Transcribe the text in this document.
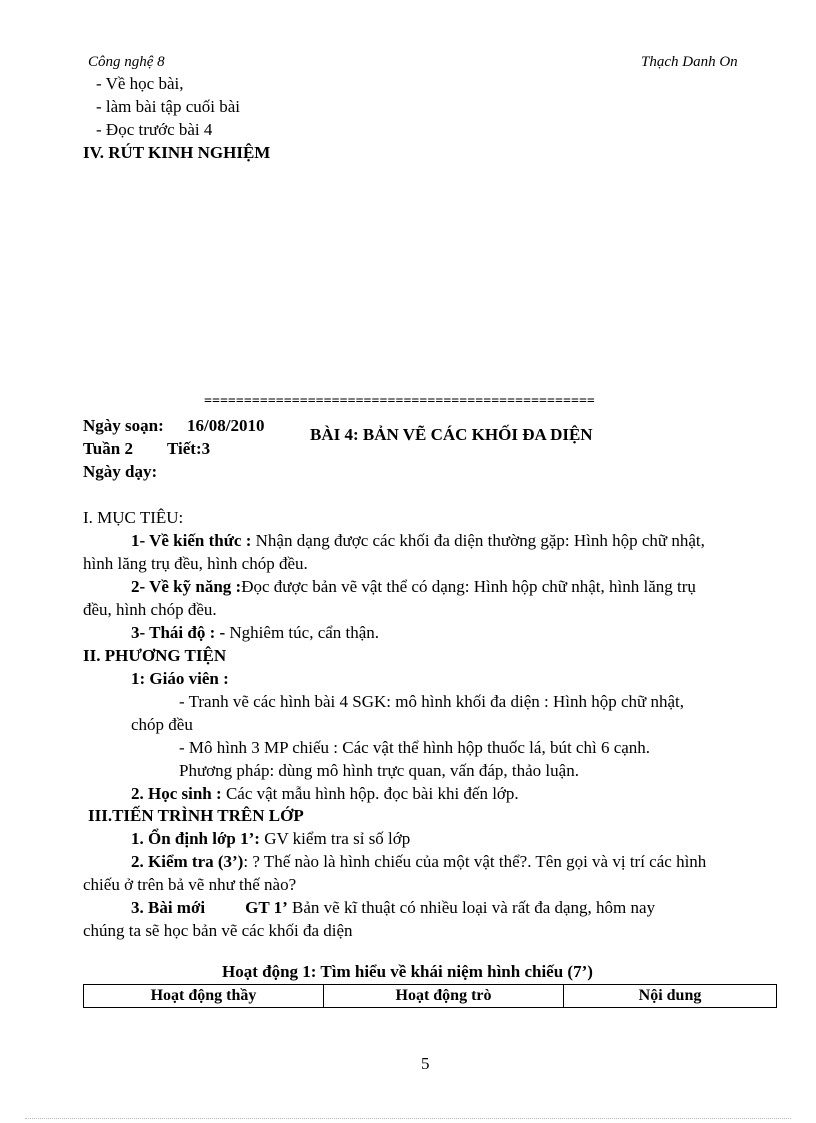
Công nghệ 8	Thạch Danh On
- Về học bài,
- làm bài tập cuối bài
- Đọc trước bài 4
IV. RÚT KINH NGHIỆM
=================================================
Ngày soạn: 16/08/2010
Tuần 2 Tiết:3
Ngày dạy:
BÀI 4: BẢN VẼ CÁC KHỐI ĐA DIỆN
I. MỤC TIÊU:
1- Về kiến thức : Nhận dạng được các khối đa diện thường gặp: Hình hộp chữ nhật,
hình lăng trụ đều, hình chóp đều.
2- Về kỹ năng :Đọc được bản vẽ vật thể có dạng: Hình hộp chữ nhật, hình lăng trụ
đều, hình chóp đều.
3- Thái độ : - Nghiêm túc, cẩn thận.
II. PHƯƠNG TIỆN
1: Giáo viên :
- Tranh vẽ các hình bài 4 SGK: mô hình khối đa diện : Hình hộp chữ nhật,
chóp đều
- Mô hình 3 MP chiếu : Các vật thể hình hộp thuốc lá, bút chì 6 cạnh.
Phương pháp: dùng mô hình trực quan, vấn đáp, thảo luận.
2. Học sinh : Các vật mẫu hình hộp. đọc bài khi đến lớp.
III.TIẾN TRÌNH TRÊN LỚP
1. Ổn định lớp 1’: GV kiểm tra sỉ số lớp
2. Kiểm tra (3’): ? Thế nào là hình chiếu của một vật thể?. Tên gọi và vị trí các hình
chiếu ở trên bả vẽ như thế nào?
3. Bài mới GT 1’ Bản vẽ kĩ thuật có nhiều loại và rất đa dạng, hôm nay
chúng ta sẽ học bản vẽ các khối đa diện
Hoạt động 1: Tìm hiểu về khái niệm hình chiếu (7’)
Hoạt động thầy	Hoạt động trò	Nội dung
5
